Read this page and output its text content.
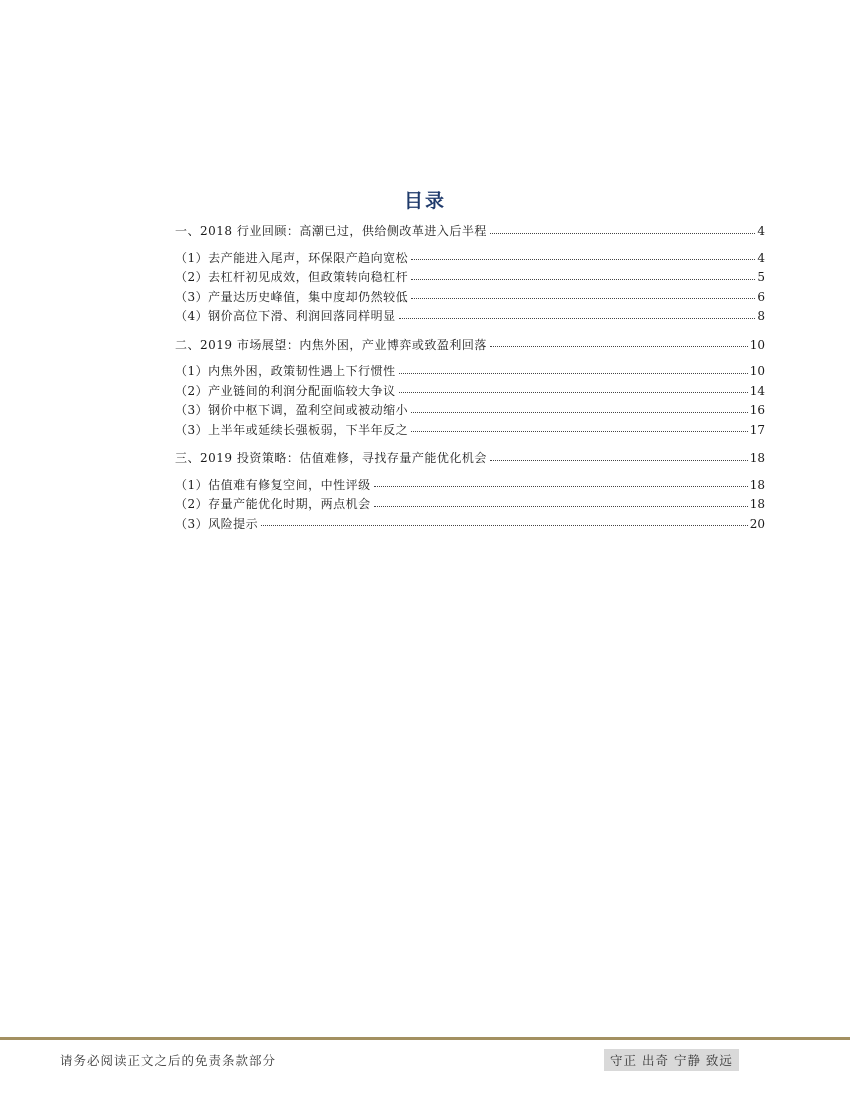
目录
一、2018 行业回顾：高潮已过，供给侧改革进入后半程	4
（1）去产能进入尾声，环保限产趋向宽松	4
（2）去杠杆初见成效，但政策转向稳杠杆	5
（3）产量达历史峰值，集中度却仍然较低	6
（4）钢价高位下滑、利润回落同样明显	8
二、2019 市场展望：内焦外困，产业博弈或致盈利回落	10
（1）内焦外困，政策韧性遇上下行惯性	10
（2）产业链间的利润分配面临较大争议	14
（3）钢价中枢下调，盈利空间或被动缩小	16
（3）上半年或延续长强板弱，下半年反之	17
三、2019 投资策略：估值难修，寻找存量产能优化机会	18
（1）估值难有修复空间，中性评级	18
（2）存量产能优化时期，两点机会	18
（3）风险提示	20
请务必阅读正文之后的免责条款部分	守正 出奇 宁静 致远
